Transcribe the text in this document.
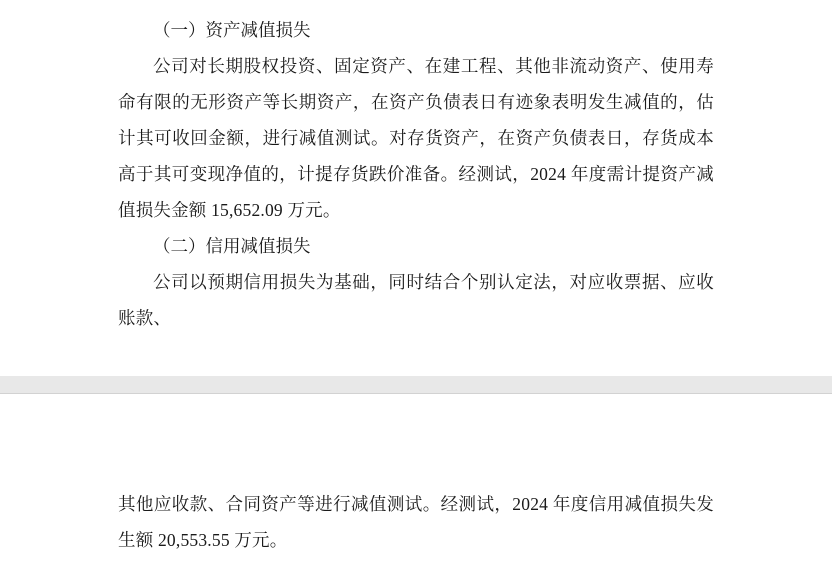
（一）资产减值损失

公司对长期股权投资、固定资产、在建工程、其他非流动资产、使用寿命有限的无形资产等长期资产，在资产负债表日有迹象表明发生减值的，估计其可收回金额，进行减值测试。对存货资产，在资产负债表日，存货成本高于其可变现净值的，计提存货跌价准备。经测试，2024 年度需计提资产减值损失金额 15,652.09 万元。

（二）信用减值损失

公司以预期信用损失为基础，同时结合个别认定法，对应收票据、应收账款、

其他应收款、合同资产等进行减值测试。经测试，2024 年度信用减值损失发生额 20,553.55 万元。
